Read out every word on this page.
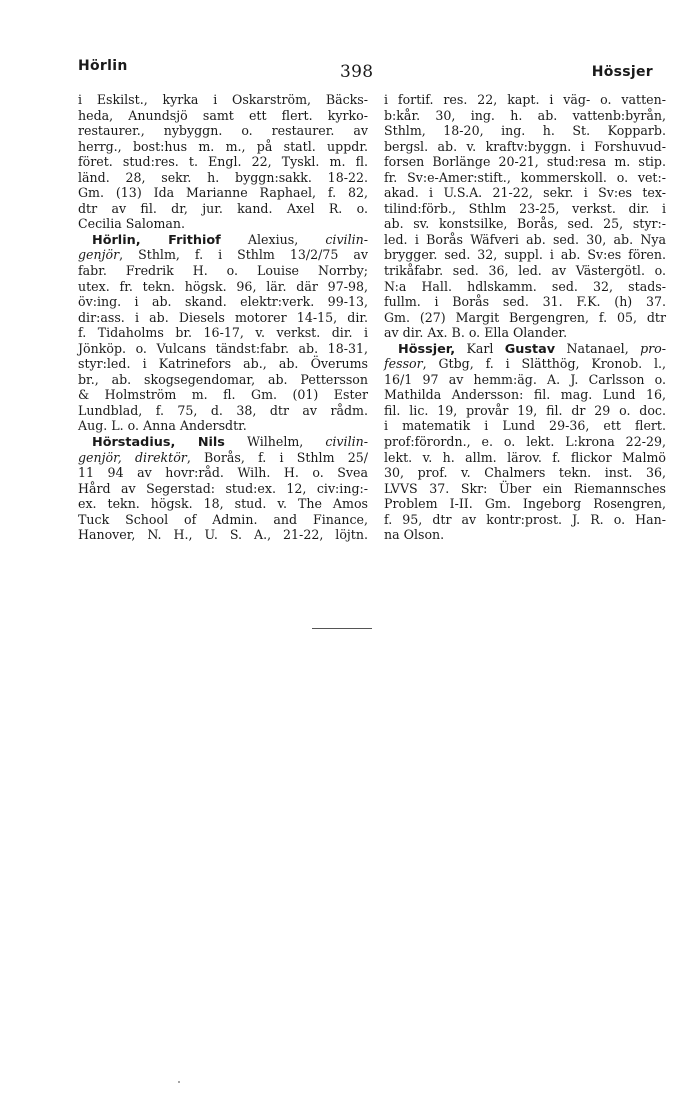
Hörlin	398	Hössjer
i Eskilst., kyrka i Oskarström, Bäcks-
heda, Anundsjö samt ett flert. kyrko-
restaurer., nybyggn. o. restaurer. av
herrg., bost:hus m. m., på statl. uppdr.
föret. stud:res. t. Engl. 22, Tyskl. m. fl.
länd. 28, sekr. h. byggn:sakk. 18-22.
Gm. (13) Ida Marianne Raphael, f. 82,
dtr av fil. dr, jur. kand. Axel R. o.
Cecilia Saloman.
Hörlin, Frithiof Alexius, civilin-
genjör, Sthlm, f. i Sthlm 13/2/75 av
fabr. Fredrik H. o. Louise Norrby;
utex. fr. tekn. högsk. 96, lär. där 97-98,
öv:ing. i ab. skand. elektr:verk. 99-13,
dir:ass. i ab. Diesels motorer 14-15, dir.
f. Tidaholms br. 16-17, v. verkst. dir. i
Jönköp. o. Vulcans tändst:fabr. ab. 18-31,
styr:led. i Katrinefors ab., ab. Överums
br., ab. skogsegendomar, ab. Pettersson
& Holmström m. fl. Gm. (01) Ester
Lundblad, f. 75, d. 38, dtr av rådm.
Aug. L. o. Anna Andersdtr.
Hörstadius, Nils Wilhelm, civilin-
genjör, direktör, Borås, f. i Sthlm 25/
11 94 av hovr:råd. Wilh. H. o. Svea
Hård av Segerstad: stud:ex. 12, civ:ing:-
ex. tekn. högsk. 18, stud. v. The Amos
Tuck School of Admin. and Finance,
Hanover, N. H., U. S. A., 21-22, löjtn.
i fortif. res. 22, kapt. i väg- o. vatten-
b:kår. 30, ing. h. ab. vattenb:byrån,
Sthlm, 18-20, ing. h. St. Kopparb.
bergsl. ab. v. kraftv:byggn. i Forshuvud-
forsen Borlänge 20-21, stud:resa m. stip.
fr. Sv:e-Amer:stift., kommerskoll. o. vet:-
akad. i U.S.A. 21-22, sekr. i Sv:es tex-
tilind:förb., Sthlm 23-25, verkst. dir. i
ab. sv. konstsilke, Borås, sed. 25, styr:-
led. i Borås Wäfveri ab. sed. 30, ab. Nya
brygger. sed. 32, suppl. i ab. Sv:es fören.
trikåfabr. sed. 36, led. av Västergötl. o.
N:a Hall. hdlskamm. sed. 32, stads-
fullm. i Borås sed. 31. F.K. (h) 37.
Gm. (27) Margit Bergengren, f. 05, dtr
av dir. Ax. B. o. Ella Olander.
Hössjer, Karl Gustav Natanael, pro-
fessor, Gtbg, f. i Slätthög, Kronob. l.,
16/1 97 av hemm:äg. A. J. Carlsson o.
Mathilda Andersson: fil. mag. Lund 16,
fil. lic. 19, provår 19, fil. dr 29 o. doc.
i matematik i Lund 29-36, ett flert.
prof:förordn., e. o. lekt. L:krona 22-29,
lekt. v. h. allm. lärov. f. flickor Malmö
30, prof. v. Chalmers tekn. inst. 36,
LVVS 37. Skr: Über ein Riemannsches
Problem I-II. Gm. Ingeborg Rosengren,
f. 95, dtr av kontr:prost. J. R. o. Han-
na Olson.
